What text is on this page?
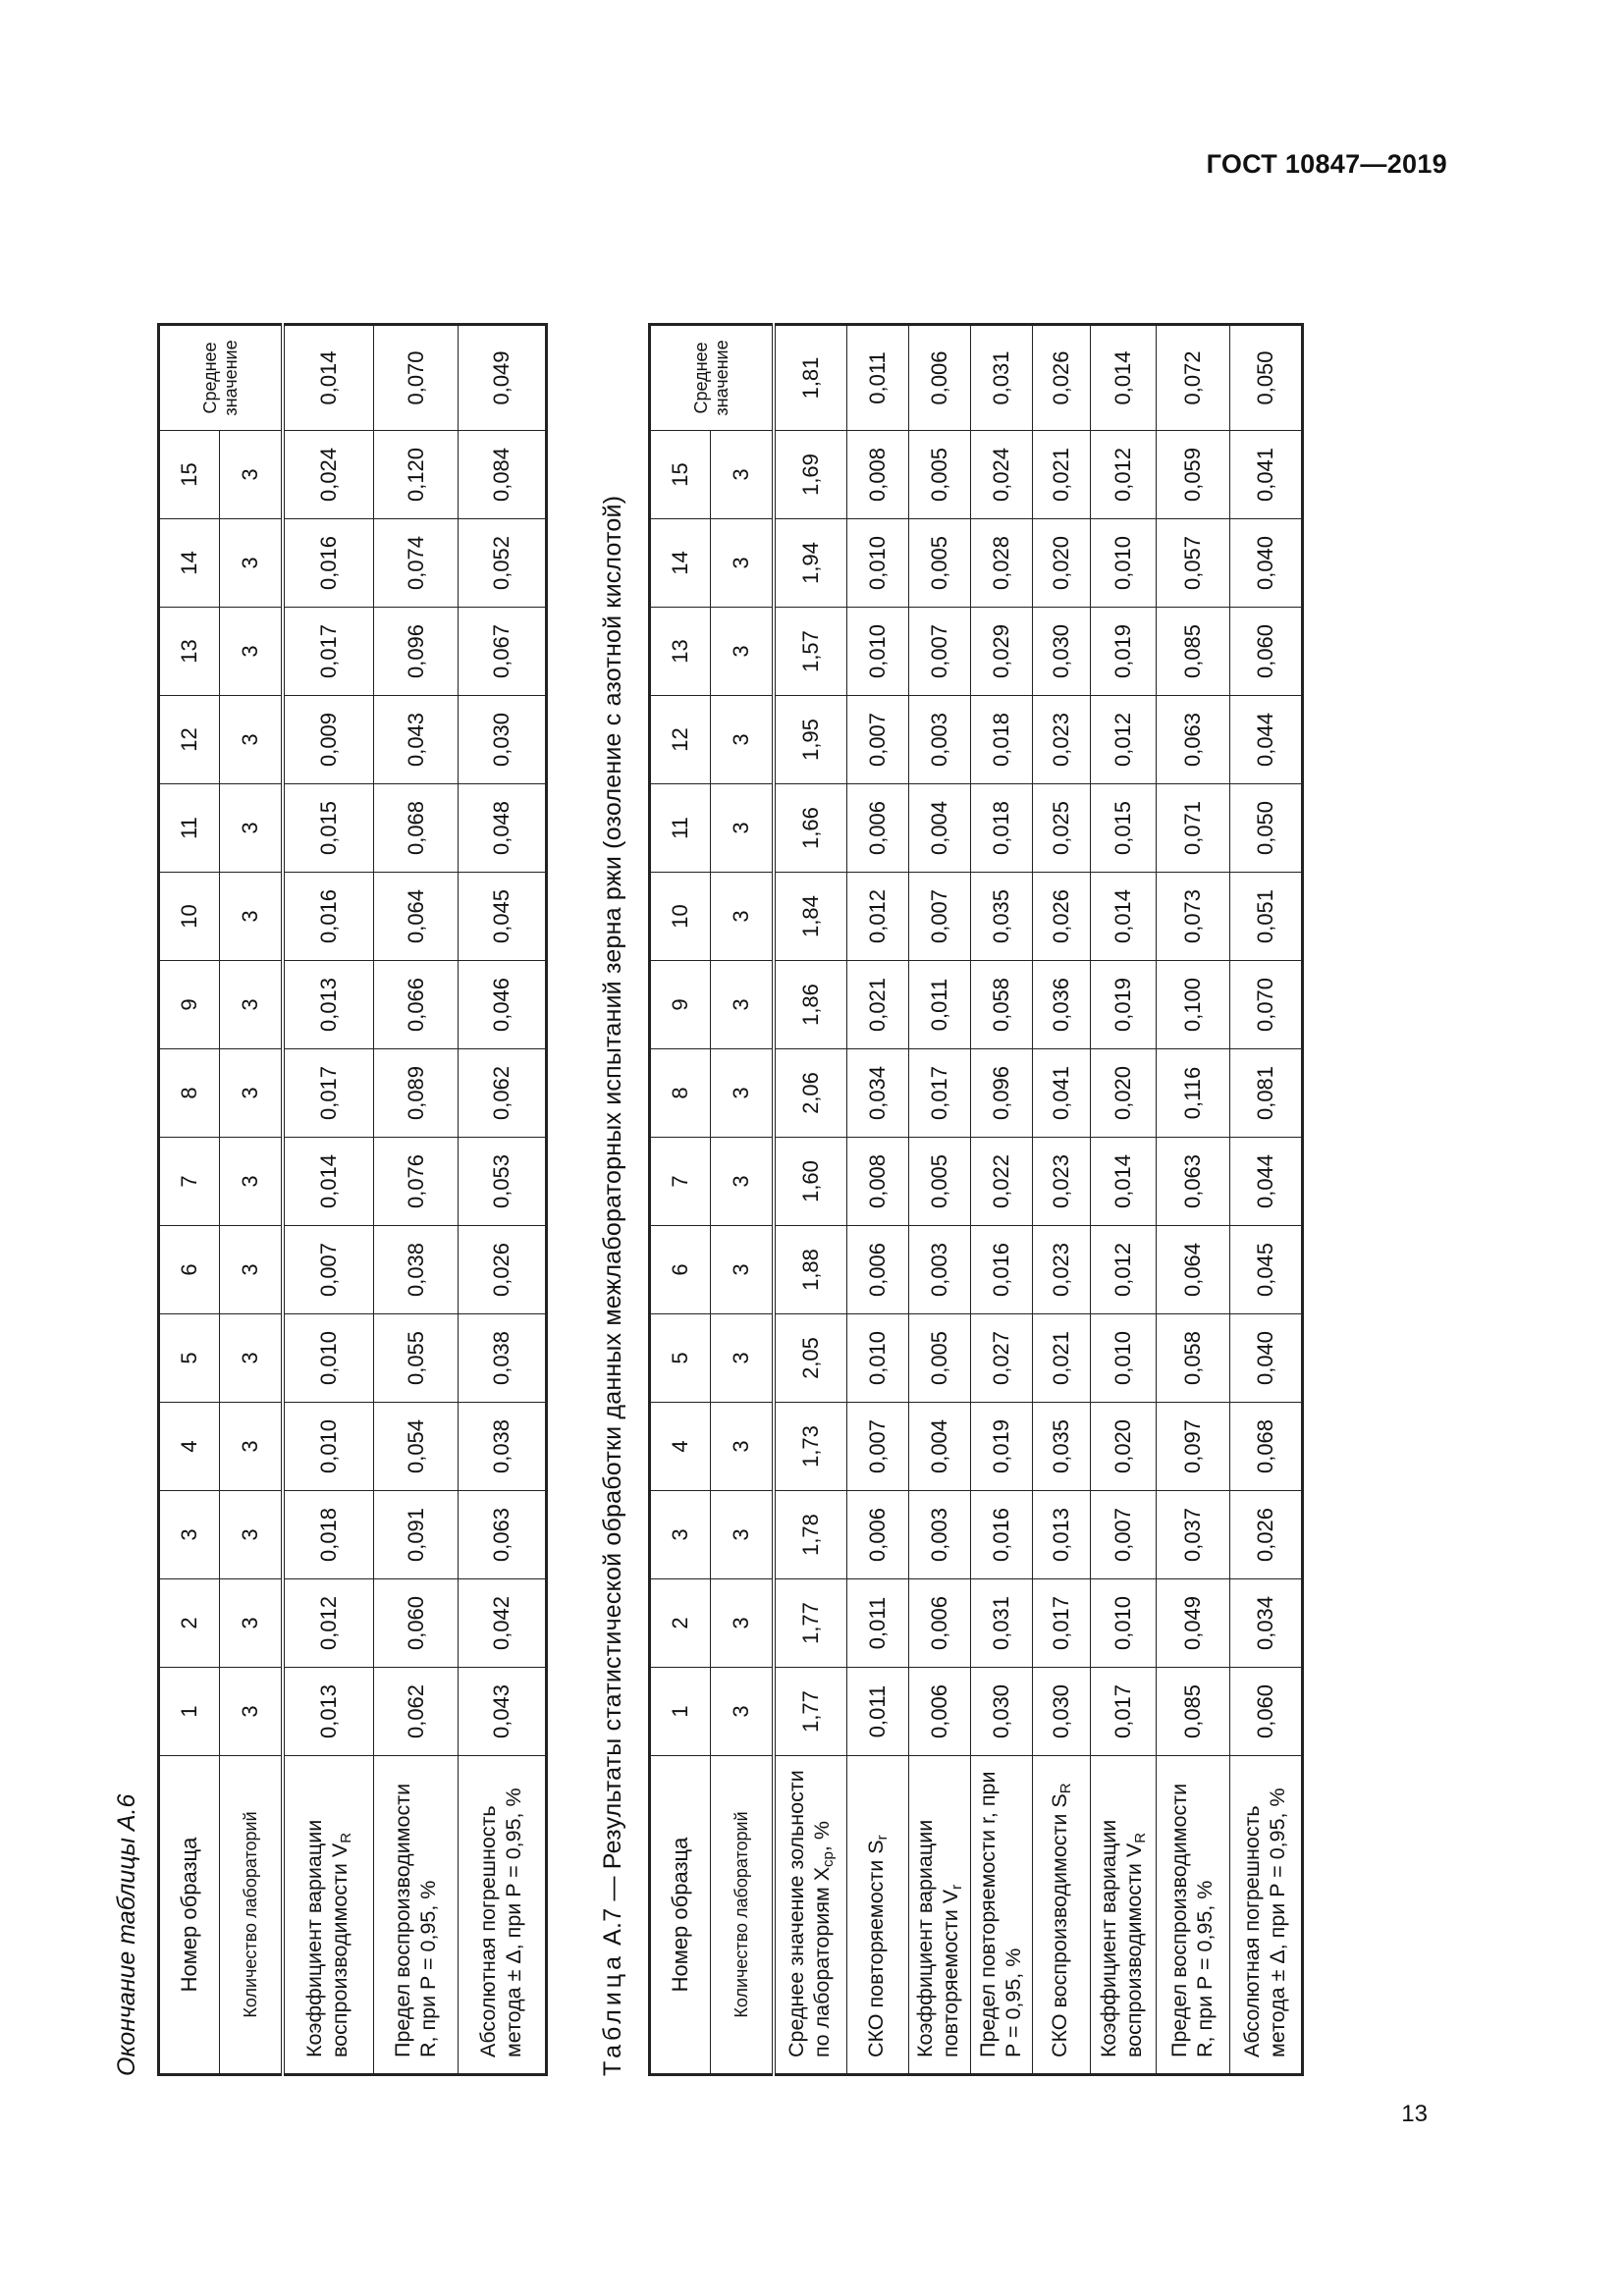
ГОСТ 10847—2019
13
Окончание таблицы А.6 Номер образца	1	2	3	4	5	6	7	8	9	10	11	12	13	14	15	Среднее значение
Количество лабораторий	3	3	3	3	3	3	3	3	3	3	3	3	3	3	3	
Коэффициент вариации воспроизводимости $V_R$	0,013	0,012	0,018	0,010	0,010	0,007	0,014	0,017	0,013	0,016	0,015	0,009	0,017	0,016	0,024	0,014
Предел воспроизводимости R, при P = 0,95, %	0,062	0,060	0,091	0,054	0,055	0,038	0,076	0,089	0,066	0,064	0,068	0,043	0,096	0,074	0,120	0,070
Абсолютная погрешность метода ± Δ, при P = 0,95, %	0,043	0,042	0,063	0,038	0,038	0,026	0,053	0,062	0,046	0,045	0,048	0,030	0,067	0,052	0,084	0,049
Таблица А.7 — Результаты статистической обработки данных межлабораторных испытаний зерна ржи (озоление с азотной кислотой) Номер образца	1	2	3	4	5	6	7	8	9	10	11	12	13	14	15	Среднее значение
Количество лабораторий	3	3	3	3	3	3	3	3	3	3	3	3	3	3	3	
Среднее значение зольности по лабораториям $X_{ср}$, %	1,77	1,77	1,78	1,73	2,05	1,88	1,60	2,06	1,86	1,84	1,66	1,95	1,57	1,94	1,69	1,81
СКО повторяемости $S_r$	0,011	0,011	0,006	0,007	0,010	0,006	0,008	0,034	0,021	0,012	0,006	0,007	0,010	0,010	0,008	0,011
Коэффициент вариации повторяемости $V_r$	0,006	0,006	0,003	0,004	0,005	0,003	0,005	0,017	0,011	0,007	0,004	0,003	0,007	0,005	0,005	0,006
Предел повторяемости r, при P = 0,95, %	0,030	0,031	0,016	0,019	0,027	0,016	0,022	0,096	0,058	0,035	0,018	0,018	0,029	0,028	0,024	0,031
СКО воспроизводимости $S_R$	0,030	0,017	0,013	0,035	0,021	0,023	0,023	0,041	0,036	0,026	0,025	0,023	0,030	0,020	0,021	0,026
Коэффициент вариации воспроизводимости $V_R$	0,017	0,010	0,007	0,020	0,010	0,012	0,014	0,020	0,019	0,014	0,015	0,012	0,019	0,010	0,012	0,014
Предел воспроизводимости R, при P = 0,95, %	0,085	0,049	0,037	0,097	0,058	0,064	0,063	0,116	0,100	0,073	0,071	0,063	0,085	0,057	0,059	0,072
Абсолютная погрешность метода ± Δ, при P = 0,95, %	0,060	0,034	0,026	0,068	0,040	0,045	0,044	0,081	0,070	0,051	0,050	0,044	0,060	0,040	0,041	0,050
